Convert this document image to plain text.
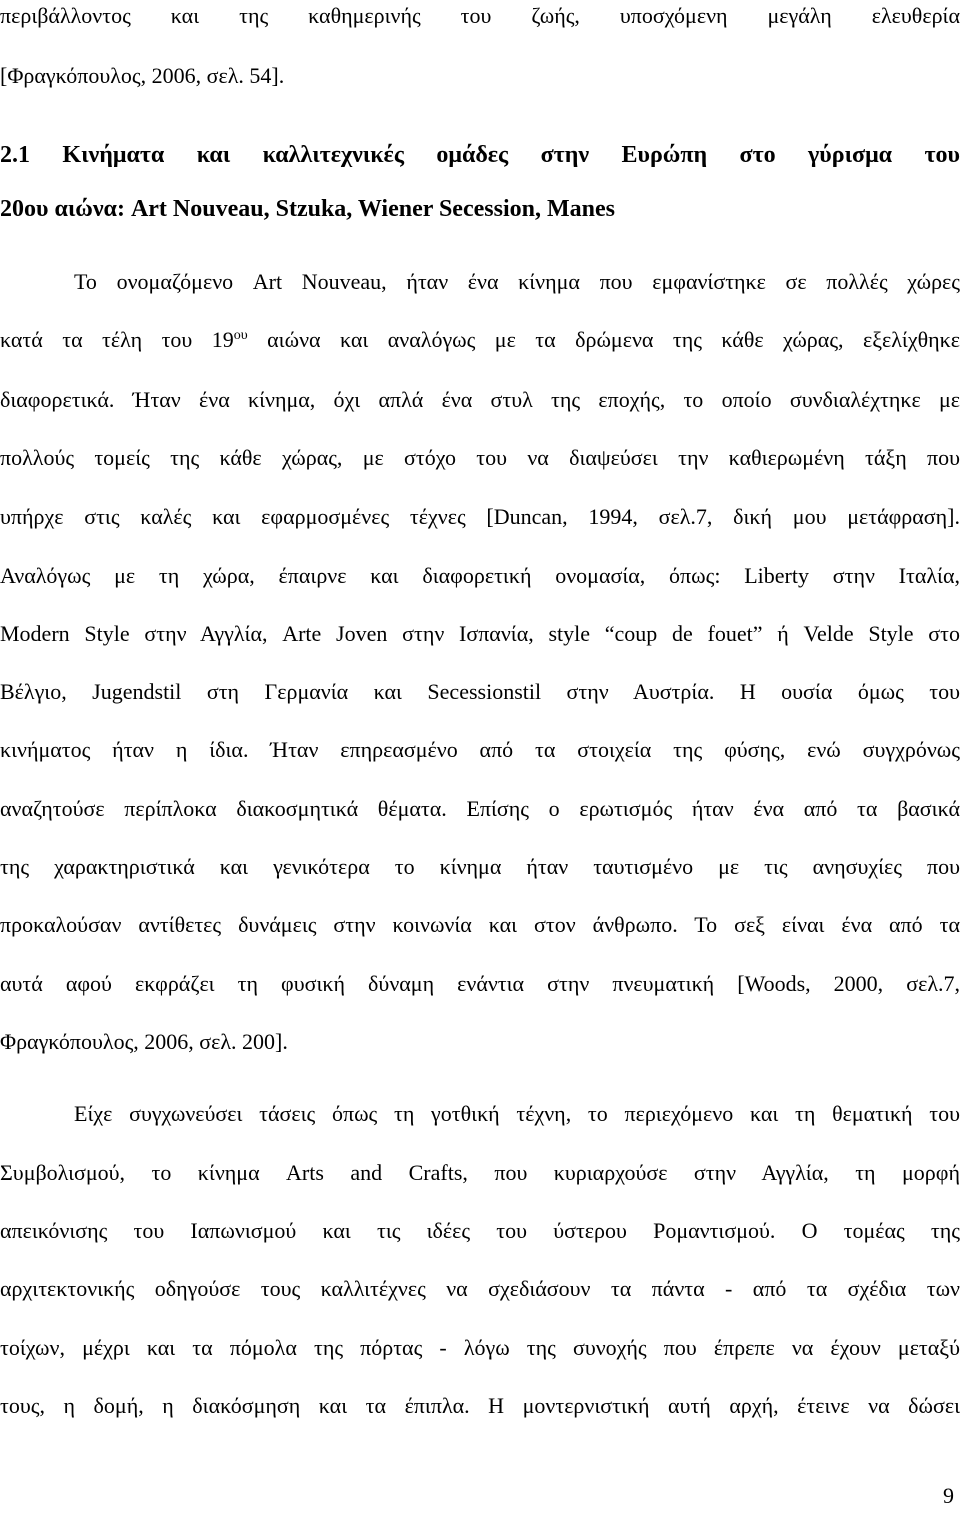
περιβάλλοντος και της καθημερινής του ζωής, υποσχόμενη μεγάλη ελευθερία
[Φραγκόπουλος, 2006, σελ. 54].
2.1 Κινήματα και καλλιτεχνικές ομάδες στην Ευρώπη στο γύρισμα του
20ου αιώνα: Art Nouveau, Stzuka, Wiener Secession, Manes
Το ονομαζόμενο Art Nouveau, ήταν ένα κίνημα που εμφανίστηκε σε πολλές χώρες
κατά τα τέλη του $19^{o\upsilon}$ αιώνα και αναλόγως με τα δρώμενα της κάθε χώρας, εξελίχθηκε
διαφορετικά. Ήταν ένα κίνημα, όχι απλά ένα στυλ της εποχής, το οποίο συνδιαλέχτηκε με
πολλούς τομείς της κάθε χώρας, με στόχο του να διαψεύσει την καθιερωμένη τάξη που
υπήρχε στις καλές και εφαρμοσμένες τέχνες [Duncan, 1994, σελ.7, δική μου μετάφραση].
Αναλόγως με τη χώρα, έπαιρνε και διαφορετική ονομασία, όπως: Liberty στην Ιταλία,
Modern Style στην Αγγλία, Arte Joven στην Ισπανία, style “coup de fouet” ή Velde Style στο
Βέλγιο, Jugendstil στη Γερμανία και Secessionstil στην Αυστρία. Η ουσία όμως του
κινήματος ήταν η ίδια. Ήταν επηρεασμένο από τα στοιχεία της φύσης, ενώ συγχρόνως
αναζητούσε περίπλοκα διακοσμητικά θέματα. Επίσης ο ερωτισμός ήταν ένα από τα βασικά
της χαρακτηριστικά και γενικότερα το κίνημα ήταν ταυτισμένο με τις ανησυχίες που
προκαλούσαν αντίθετες δυνάμεις στην κοινωνία και στον άνθρωπο. Το σεξ είναι ένα από τα
αυτά αφού εκφράζει τη φυσική δύναμη ενάντια στην πνευματική [Woods, 2000, σελ.7,
Φραγκόπουλος, 2006, σελ. 200].
Είχε συγχωνεύσει τάσεις όπως τη γοτθική τέχνη, το περιεχόμενο και τη θεματική του
Συμβολισμού, το κίνημα Arts and Crafts, που κυριαρχούσε στην Αγγλία, τη μορφή
απεικόνισης του Ιαπωνισμού και τις ιδέες του ύστερου Ρομαντισμού. Ο τομέας της
αρχιτεκτονικής οδηγούσε τους καλλιτέχνες να σχεδιάσουν τα πάντα - από τα σχέδια των
τοίχων, μέχρι και τα πόμολα της πόρτας - λόγω της συνοχής που έπρεπε να έχουν μεταξύ
τους, η δομή, η διακόσμηση και τα έπιπλα. Η μοντερνιστική αυτή αρχή, έτεινε να δώσει
9
